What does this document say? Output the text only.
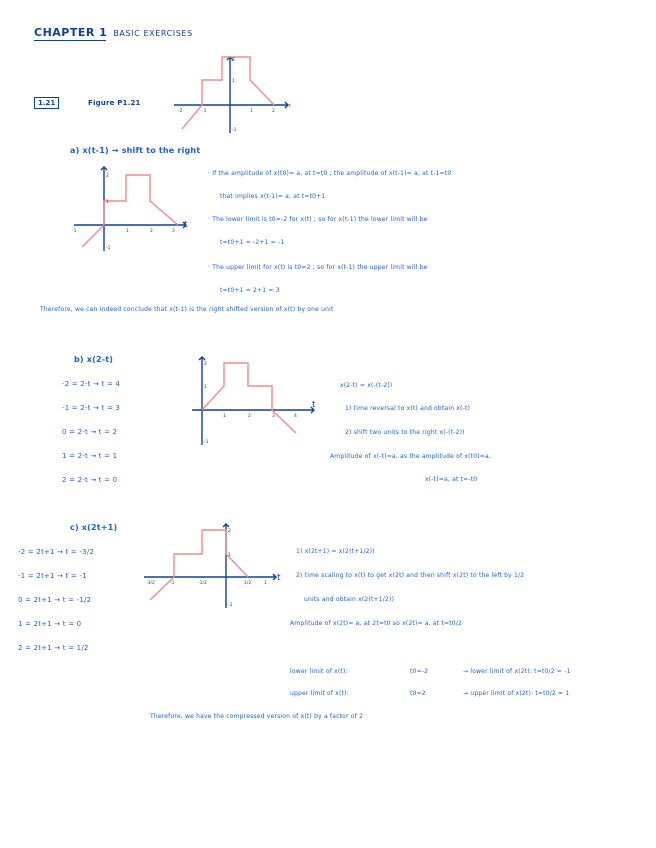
CHAPTER 1 BASIC EXERCISES
1.21	Figure P1.21
-2	-1	1	2
1
2
-1
t
a) x(t-1) → shift to the right
-1	1	2	3
2
1
-1
t
· If the amplitude of x(t0)= a, at t=t0 ; the amplitude of x(t-1)= a, at t-1=t0
that implies x(t-1)= a, at t=t0+1
· The lower limit is t0=-2 for x(t) ; so for x(t-1) the lower limit will be
t=t0+1 = -2+1 = -1
· The upper limit for x(t) is t0=2 ; so for x(t-1) the upper limit will be
t=t0+1 = 2+1 = 3
Therefore, we can indeed conclude that x(t-1) is the right shifted version of x(t) by one unit
b) x(2-t)
-2 = 2-t → t = 4
-1 = 2-t → t = 3
0 = 2-t → t = 2
1 = 2-t → t = 1
2 = 2-t → t = 0
1	2	3	4
2
1
-1
t
x(2-t) = x(-(t-2))
1) time reversal to x(t) and obtain x(-t)
2) shift two units to the right x(-(t-2))
Amplitude of x(-t)=a, as the amplitude of x(t0)=a,
x(-t)=a, at t=-t0
c) x(2t+1)
-2 = 2t+1 → t = -3/2
-1 = 2t+1 → t = -1
0 = 2t+1 → t = -1/2
1 = 2t+1 → t = 0
2 = 2t+1 → t = 1/2
-3/2	-1	-1/2	1/2	1
2
1
-1
t
1) x(2t+1) = x(2(t+1/2))
2) time scaling to x(t) to get x(2t) and then shift x(2t) to the left by 1/2
units and obtain x(2(t+1/2))
Amplitude of x(2t)= a, at 2t=t0 so x(2t)= a, at t=t0/2
lower limit of x(t):	t0=-2	→ lower limit of x(2t): t=t0/2 = -1
upper limit of x(t):	t0=2	→ upper limit of x(2t): t=t0/2 = 1
Therefore, we have the compressed version of x(t) by a factor of 2
